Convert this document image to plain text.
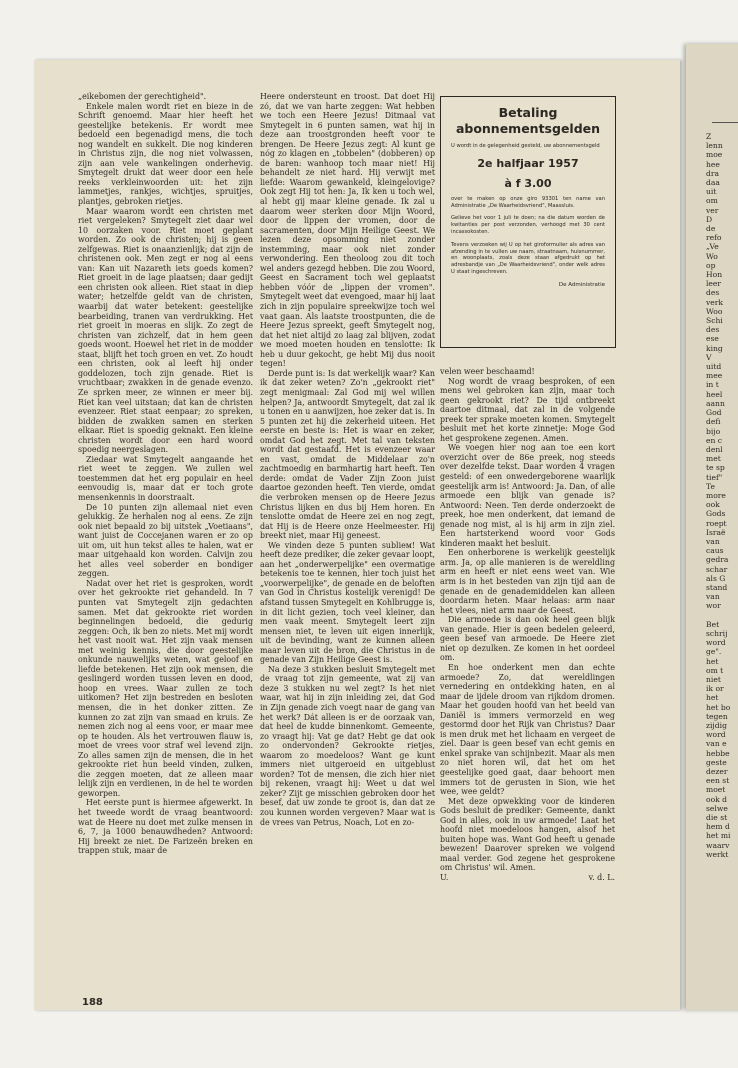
„eikebomen der gerechtigheid".

Enkele malen wordt riet en bieze in de Schrift genoemd. Maar hier heeft het geestelijke betekenis. Er wordt mee bedoeld een begenadigd mens, die toch nog wandelt en sukkelt. Die nog kinderen in Christus zijn, die nog niet volwassen, zijn aan vele wankelingen onderhevig. Smytegelt drukt dat weer door een hele reeks verkleinwoorden uit: het zijn lammetjes, rankjes, wichtjes, spruitjes, plantjes, gebroken rietjes.

Maar waarom wordt een christen met riet vergeleken? Smytegelt ziet daar wel 10 oorzaken voor. Riet moet geplant worden. Zo ook de christen; hij is geen zelfgewas. Riet is onaanzienlijk; dat zijn de christenen ook. Men zegt er nog al eens van: Kan uit Nazareth iets goeds komen? Riet groeit in de lage plaatsen; daar gedijt een christen ook alleen. Riet staat in diep water; hetzelfde geldt van de christen, waarbij dat water betekent: geestelijke bearbeiding, tranen van verdrukking. Het riet groeit in moeras en slijk. Zo zegt de christen van zichzelf, dat in hem geen goeds woont. Hoewel het riet in de modder staat, blijft het toch groen en vet. Zo houdt een christen, ook al leeft hij onder goddelozen, toch zijn genade. Riet is vruchtbaar; zwakken in de genade evenzo. Ze sprken meer, ze winnen er meer bij. Riet kan veel uitstaan; dat kan de christen evenzeer. Riet staat eenpaar; zo spreken, bidden de zwakken samen en sterken elkaar. Riet is spoedig geknakt. Een kleine christen wordt door een hard woord spoedig neergeslagen.

Ziedaar wat Smytegelt aangaande het riet weet te zeggen. We zullen wel toestemmen dat het erg populair en heel eenvoudig is, maar dat er toch grote mensenkennis in doorstraalt.

De 10 punten zijn allemaal niet even gelukkig. Ze herhalen nog al eens. Ze zijn ook niet bepaald zo bij uitstek „Voetiaans", want juist de Coccejanen waren er zo op uit om, uit hun tekst alles te halen, wat er maar uitgehaald kon worden. Calvijn zou het alles veel soberder en bondiger zeggen.

Nadat over het riet is gesproken, wordt over het gekrookte riet gehandeld. In 7 punten vat Smytegelt zijn gedachten samen. Met dat gekrookte riet worden beginnelingen bedoeld, die gedurig zeggen: Och, ik ben zo niets. Met mij wordt het vast nooit wat. Het zijn vaak mensen met weinig kennis, die door geestelijke onkunde nauwelijks weten, wat geloof en liefde betekenen. Het zijn ook mensen, die geslingerd worden tussen leven en dood, hoop en vrees. Waar zullen ze toch uitkomen? Het zijn bestreden en besloten mensen, die in het donker zitten. Ze kunnen zo zat zijn van smaad en kruis. Ze nemen zich nog al eens voor, er maar mee op te houden. Als het vertrouwen flauw is, moet de vrees voor straf wel levend zijn. Zo alles samen zijn de mensen, die in het gekrookte riet hun beeld vinden, zulken, die zeggen moeten, dat ze alleen maar lelijk zijn en verdienen, in de hel te worden geworpen.

Het eerste punt is hiermee afgewerkt. In het tweede wordt de vraag beantwoord: wat de Heere nu doet met zulke mensen in 6, 7, ja 1000 benauwdheden? Antwoord: Hij breekt ze niet. De Farizeën breken en trappen stuk, maar de

Heere ondersteunt en troost. Dat doet Hij zó, dat we van harte zeggen: Wat hebben we toch een Heere Jezus! Ditmaal vat Smytegelt in 6 punten samen, wat hij in deze aan troostgronden heeft voor te brengen. De Heere Jezus zegt: Al kunt ge nóg zo klagen en „tobbelen" (dobberen) op de baren: wanhoop toch maar niet! Hij behandelt ze niet hard. Hij verwijt met liefde: Waarom gewankeld, kleingelovige? Ook zegt Hij tot hen: Ja, Ik ken u toch wel, al hebt gij maar kleine genade. Ik zal u daarom weer sterken door Mijn Woord, door de lippen der vromen, door de sacramenten, door Mijn Heilige Geest. We lezen deze opsomming niet zonder instemming, maar ook niet zonder verwondering. Een theoloog zou dit toch wel anders gezegd hebben. Die zou Woord, Geest en Sacrament toch wel geplaatst hebben vóór de „lippen der vromen". Smytegelt weet dat evengoed, maar hij laat zich in zijn populaire spreekwijze toch wel vaat gaan. Als laatste troostpunten, die de Heere Jezus spreekt, geeft Smytegelt nog, dat het niet altijd zo laag zal blijven, zodat we moed moeten houden en tenslotte: Ik heb u duur gekocht, ge hebt Mij dus nooit tegen!

Derde punt is: Is dat werkelijk waar? Kan ik dat zeker weten? Zo'n „gekrookt riet" zegt menigmaal: Zal God mij wel willen helpen? Ja, antwoordt Smytegelt, dat zal ik u tonen en u aanwijzen, hoe zeker dat is. In 5 punten zet hij die zekerheid uiteen. Het eerste en beste is: Het is waar en zeker, omdat God het zegt. Met tal van teksten wordt dat gestaafd. Het is evenzeer waar en vast, omdat de Middelaar zo'n zachtmoedig en barmhartig hart heeft. Ten derde: omdat de Vader Zijn Zoon juist daartoe gezonden heeft. Ten vierde, omdat die verbroken mensen op de Heere Jezus Christus lijken en dus bij Hem horen. En tenslotte omdat de Heere zei en nog zegt, dat Hij is de Heere onze Heelmeester. Hij breekt niet, maar Hij geneest.

We vinden deze 5 punten sublieм! Wat heeft deze prediker, die zeker gevaar loopt, aan het „onderwerpelijke" een overmatige betekenis toe te kennen, hier toch juist het „voorwerpelijke", de genade en de beloften van God in Christus kostelijk verenigd! De afstand tussen Smytegelt en Kohlbrugge is, in dit licht gezien, toch veel kleiner, dan men vaak meent. Smytegelt leert zijn mensen niet, te leven uit eigen innerlijk, uit de bevinding, want ze kunnen alleen maar leven uit de bron, die Christus in de genade van Zijn Heilige Geest is.

Na deze 3 stukken besluit Smytegelt met de vraag tot zijn gemeente, wat zij van deze 3 stukken nu wel zegt? Is het niet waar, wat hij in zijn inleiding zei, dat God in Zijn genade zich voegt naar de gang van het werk? Dát alleen is er de oorzaak van, dat heel de kudde binnenkomt. Gemeente, zo vraagt hij: Vat ge dat? Hebt ge dat ook zo ondervonden? Gekrookte rietjes, waarom zo moedeloos? Want ge kunt immers niet uitgeroeid en uitgeblust worden? Tot de mensen, die zich hier niet bij rekenen, vraagt hij: Weet u dat wel zeker? Zijt ge misschien gebroken door het besef, dat uw zonde te groot is, dan dat ze zou kunnen worden vergeven? Maar wat is de vrees van Petrus, Noach, Lot en zo-

Betaling
abonnementsgelden
U wordt in de gelegenheid gesteld, uw abonnementsgeld
2e halfjaar 1957
à f 3.00
over te maken op onze giro 93301 ten name van Administratie „De Waarheidsvriend", Maassluis.
Gelieve het voor 1 juli te doen; na die datum worden de kwitanties per post verzonden, verhoogd met 30 cent incassokosten.
Tevens verzoeken wij U op het giroformulier als adres van afzending in te vullen uw naam, straatnaam, huisnummer, en woonplaats, zoals deze staan afgedrukt op het adresbandje van „De Waarheidsvriend", onder welk adres U staat ingeschreven.
De Administratie

velen weer beschaamd!

Nog wordt de vraag besproken, of een mens wel gebroken kan zijn, maar toch geen gekrookt riet? De tijd ontbreekt daartoe ditmaal, dat zal in de volgende preek ter sprake moeten komen. Smytegelt besluit met het korte zinnetje: Moge God het gesprokene zegenen. Amen.

We voegen hier nog aan toe een kort overzicht over de 86e preek, nog steeds over dezelfde tekst. Daar worden 4 vragen gesteld: of een onwedergeborene waarlijk geestelijk arm is! Antwoord: Ja. Dan, of alle armoede een blijk van genade is? Antwoord: Neen. Ten derde onderzoekt de preek, hoe men onderkent, dat iemand de genade nog mist, al is hij arm in zijn ziel. Een hartsterkend woord voor Gods kinderen maakt het besluit.

Een onherborene is werkelijk geestelijk arm. Ja, op alle manieren is de wereldling arm en heeft er niet eens weet van. Wie arm is in het besteden van zijn tijd aan de genade en de genademiddelen kan alleen doordarm heten. Maar helaas: arm naar het vlees, niet arm naar de Geest.

Die armoede is dan ook heel geen blijk van genade. Hier is geen bedelen geleerd, geen besef van armoede. De Heere ziet niet op dezulken. Ze komen in het oordeel om.

En hoe onderkent men dan echte armoede? Zo, dat wereldlingen vernedering en ontdekking haten, en al maar de ijdele droom van rijkdom dromen. Maar het gouden hoofd van het beeld van Daniël is immers vermorzeld en weg gestormd door het Rijk van Christus? Daar is men druk met het lichaam en vergeet de ziel. Daar is geen besef van echt gemis en enkel sprake van schijnbezit. Maar als men zo niet horen wil, dat het om het geestelijke goed gaat, daar behoort men immers tot de gerusten in Sion, wie het wee, wee geldt?

Met deze opwekking voor de kinderen Gods besluit de prediker: Gemeente, dankt God in alles, ook in uw armoede! Laat het hoofd niet moedeloos hangen, alsof het buiten hope was. Want God heeft u genade bewezen! Daarover spreken we volgend maal verder. God zegene het gesprokene om Christus' wil. Amen.

U.	v. d. L.
188
Z
lenn
moe
hee
dra
daa
uit
om
ver
D
de
refo
„Ve
Wo
op
Hon
leer
des
verk
Woo
Schi
des
ese
king
V
uitd
mee
in t
heel
aann
God
defi
bijo
en c
denl
met
te sp
tief"
Te
more
ook
Gods
roept
Israë
van
caus
gedra
schar
als G
stand
van
wor

Bet
schrij
word
ge".
het
om t
niet
ik or
het
het bo
tegen
zijdig
word
van e
hebbe
geste
dezer
een st
moet
ook d
selwe
die st
hem d
het mi
waarv
werkt
